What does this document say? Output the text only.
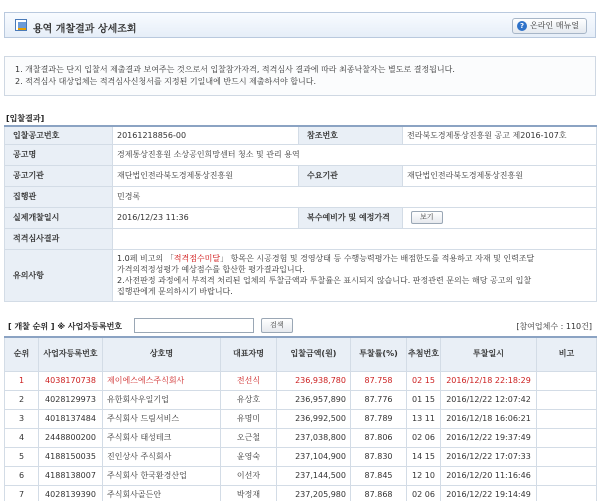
용역 개찰결과 상세조회	? 온라인 매뉴얼

1. 개찰결과는 단지 입찰서 제출결과 보여주는 것으로서 입찰참가자격, 적격심사 결과에 따라 최종낙찰자는 별도로 결정됩니다.

2. 적격심사 대상업체는 적격심사신청서를 지정된 기일내에 반드시 제출하셔야 합니다.

[입찰결과]
입찰공고번호	20161218856-00	참조번호	전라북도경제통상진흥원 공고 제2016-107호
공고명	경제통상진흥원 소상공인희망센터 청소 및 관리 용역		
공고기관	재단법인전라북도경제통상진흥원	수요기관	재단법인전라북도경제통상진흥원
집행관	민경록		
실제개찰일시	2016/12/23 11:36	복수예비가 및 예정가격	보기
적격심사결과			
유의사항	1.0페 비고의 「적격점수미달」 항목은 시공경험 및 경영상태 등 수행능력평가는 배점한도를 적용하고 자재 및 인력조달
가격의적정성평가 예상점수를 합산한 평가결과입니다.
2.사전판정 과정에서 부적격 처리된 업체의 투찰금액과 투찰률은 표시되지 않습니다. 판정관련 문의는 해당 공고의 입찰
집행관에게 문의하시기 바랍니다.		
[ 개찰 순위 ] ※ 사업자등록번호	검색	[참여업체수 : 110건]
순위	사업자등록번호	상호명	대표자명	입찰금액(원)	투찰률(%)	추첨번호	투찰일시	비고
1	4038170738	제이에스에스주식회사	전선식	236,938,780	87.758	02 15	2016/12/18 22:18:29	
2	4028129973	유한회사우일기업	유상호	236,957,890	87.776	01 15	2016/12/22 12:07:42	
3	4018137484	주식회사 드림서비스	유명미	236,992,500	87.789	13 11	2016/12/18 16:06:21	
4	2448800200	주식회사 태성테크	오근철	237,038,800	87.806	02 06	2016/12/22 19:37:49	
5	4188150035	진인상사 주식회사	윤영숙	237,104,900	87.830	14 15	2016/12/22 17:07:33	
6	4188138007	주식회사 한국환경산업	이선자	237,144,500	87.845	12 10	2016/12/20 11:16:46	
7	4028139390	주식회사골든안	박정재	237,205,980	87.868	02 06	2016/12/22 19:14:49	
